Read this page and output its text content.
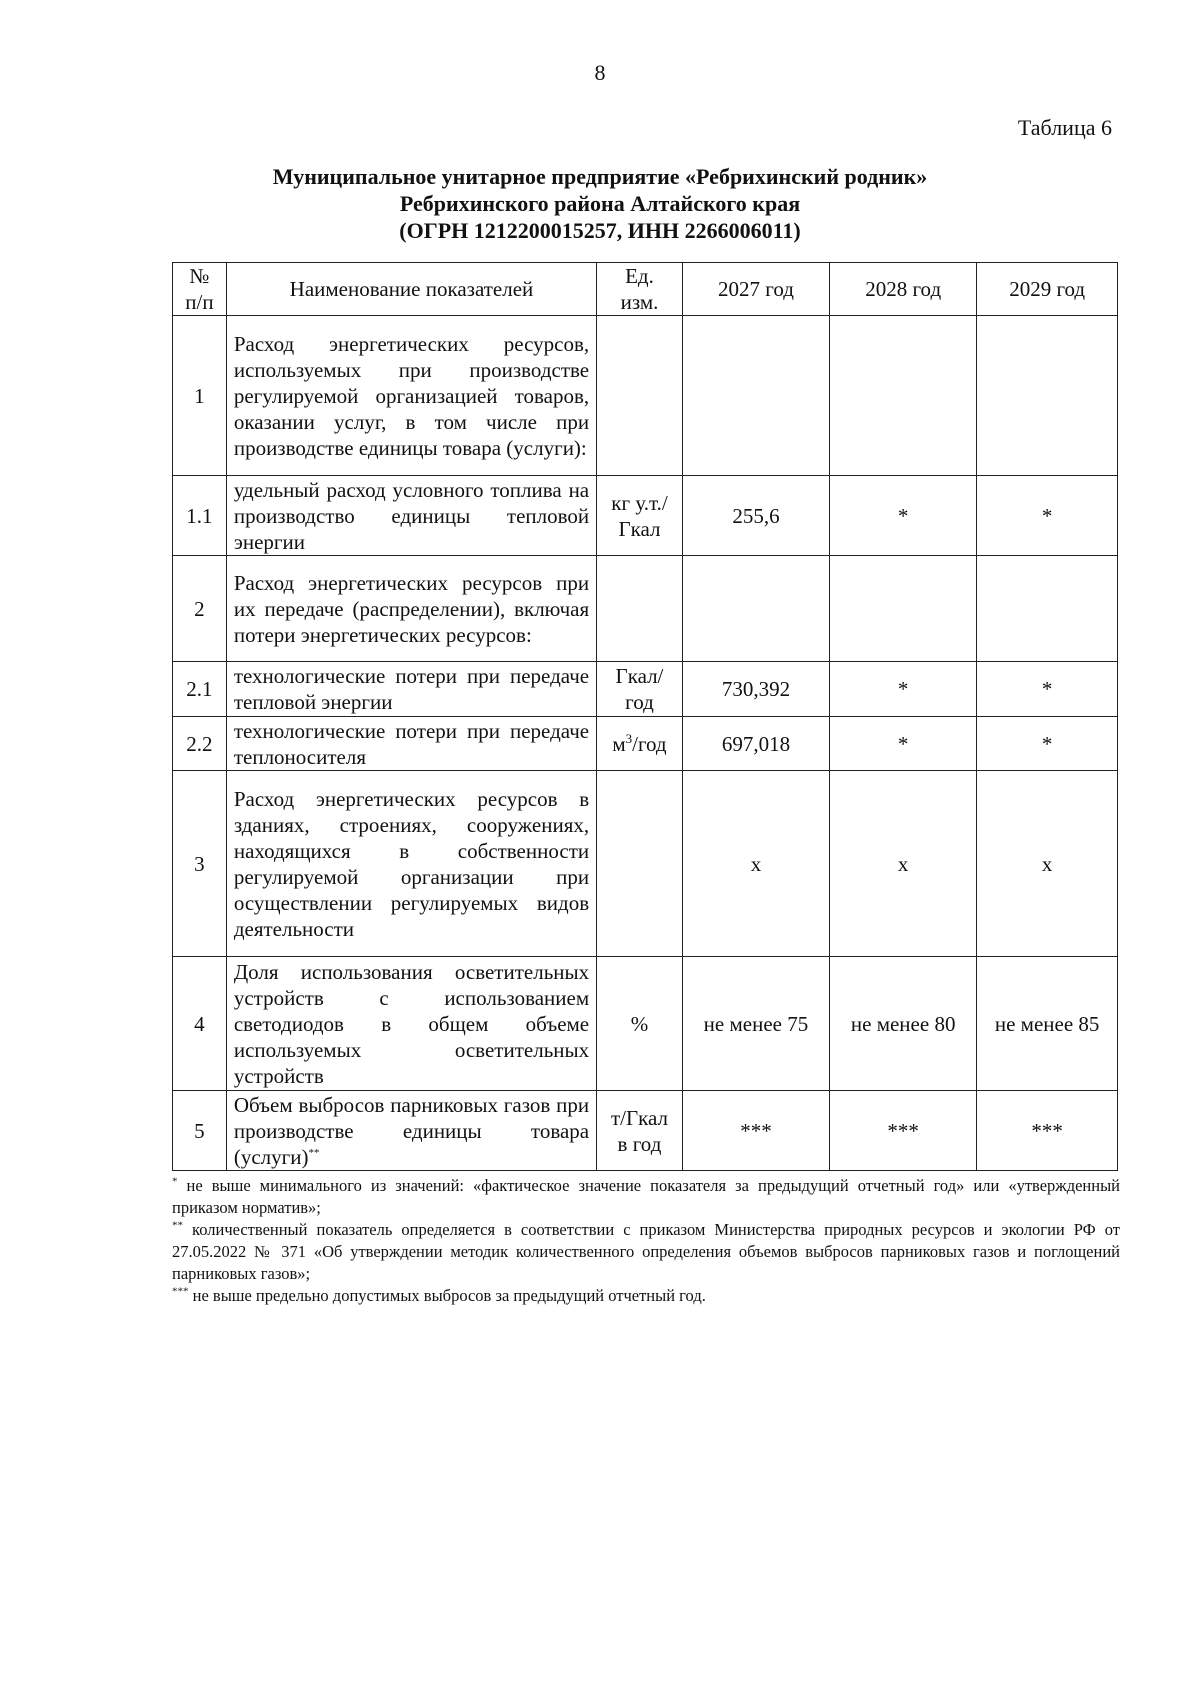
8
Таблица 6
Муниципальное унитарное предприятие «Ребрихинский родник»
Ребрихинского района Алтайского края
(ОГРН 1212200015257, ИНН 2266006011)
№ п/п	Наименование показателей	Ед. изм.	2027 год	2028 год	2029 год
1	Расход энергетических ресурсов, используемых при производстве регулируемой организацией товаров, оказании услуг, в том числе при производстве единицы товара (услуги):				
1.1	удельный расход условного топлива на производство единицы тепловой энергии	кг у.т./ Гкал	255,6	*	*
2	Расход энергетических ресурсов при их передаче (распределении), включая потери энергетических ресурсов:				
2.1	технологические потери при передаче тепловой энергии	Гкал/ год	730,392	*	*
2.2	технологические потери при передаче теплоносителя	$м^3$/год	697,018	*	*
3	Расход энергетических ресурсов в зданиях, строениях, сооружениях, находящихся в собственности регулируемой организации при осуществлении регулируемых видов деятельности		х	х	х
4	Доля использования осветительных устройств с использованием светодиодов в общем объеме используемых осветительных устройств	%	не менее 75	не менее 80	не менее 85
5	Объем выбросов парниковых газов при производстве единицы товара (услуги)**	т/Гкал в год	***	***	***

* не выше минимального из значений: «фактическое значение показателя за предыдущий отчетный год» или «утвержденный приказом норматив»;

** количественный показатель определяется в соответствии с приказом Министерства природных ресурсов и экологии РФ от 27.05.2022 № 371 «Об утверждении методик количественного определения объемов выбросов парниковых газов и поглощений парниковых газов»;

*** не выше предельно допустимых выбросов за предыдущий отчетный год.
